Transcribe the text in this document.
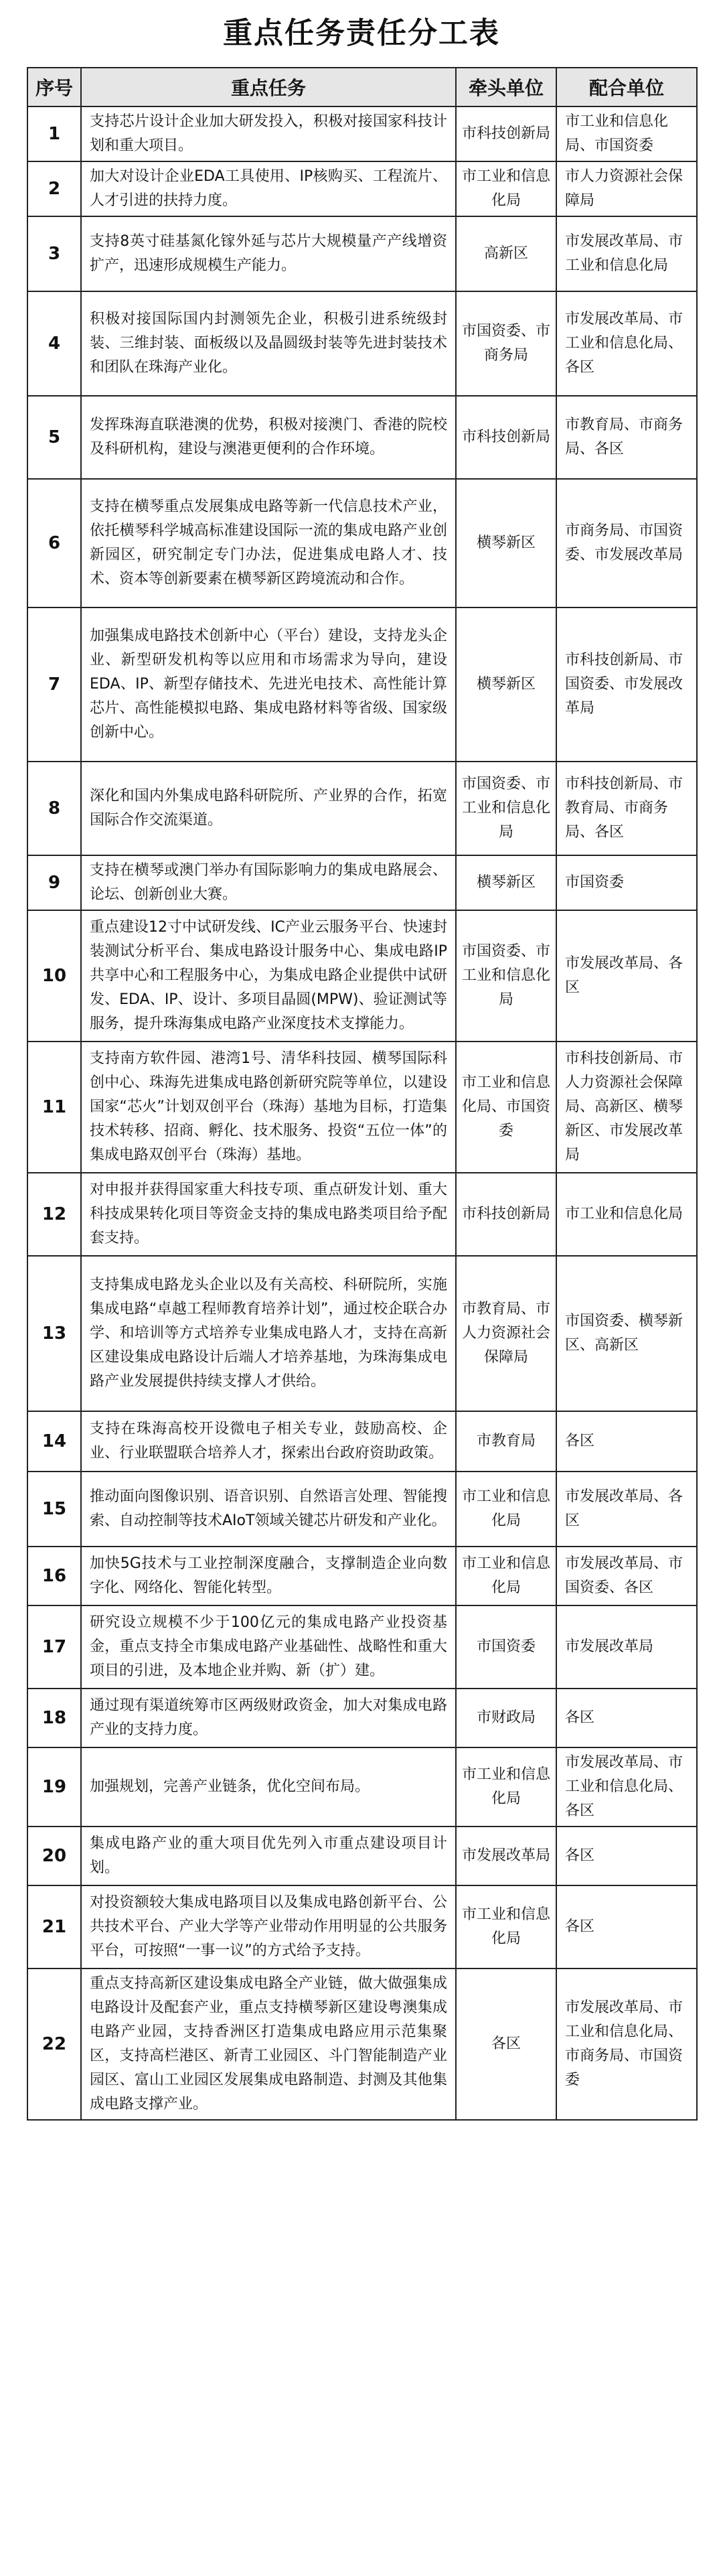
重点任务责任分工表
序号	重点任务	牵头单位	配合单位
1	支持芯片设计企业加大研发投入，积极对接国家科技计划和重大项目。	市科技创新局	市工业和信息化局、市国资委
2	加大对设计企业EDA工具使用、IP核购买、工程流片、人才引进的扶持力度。	市工业和信息化局	市人力资源社会保障局
3	支持8英寸硅基氮化镓外延与芯片大规模量产产线增资扩产，迅速形成规模生产能力。	高新区	市发展改革局、市工业和信息化局
4	积极对接国际国内封测领先企业，积极引进系统级封装、三维封装、面板级以及晶圆级封装等先进封装技术和团队在珠海产业化。	市国资委、市商务局	市发展改革局、市工业和信息化局、各区
5	发挥珠海直联港澳的优势，积极对接澳门、香港的院校及科研机构，建设与澳港更便利的合作环境。	市科技创新局	市教育局、市商务局、各区
6	支持在横琴重点发展集成电路等新一代信息技术产业，依托横琴科学城高标准建设国际一流的集成电路产业创新园区，研究制定专门办法，促进集成电路人才、技术、资本等创新要素在横琴新区跨境流动和合作。	横琴新区	市商务局、市国资委、市发展改革局
7	加强集成电路技术创新中心（平台）建设，支持龙头企业、新型研发机构等以应用和市场需求为导向，建设EDA、IP、新型存储技术、先进光电技术、高性能计算芯片、高性能模拟电路、集成电路材料等省级、国家级创新中心。	横琴新区	市科技创新局、市国资委、市发展改革局
8	深化和国内外集成电路科研院所、产业界的合作，拓宽国际合作交流渠道。	市国资委、市工业和信息化局	市科技创新局、市教育局、市商务局、各区
9	支持在横琴或澳门举办有国际影响力的集成电路展会、论坛、创新创业大赛。	横琴新区	市国资委
10	重点建设12寸中试研发线、IC产业云服务平台、快速封装测试分析平台、集成电路设计服务中心、集成电路IP共享中心和工程服务中心，为集成电路企业提供中试研发、EDA、IP、设计、多项目晶圆(MPW)、验证测试等服务，提升珠海集成电路产业深度技术支撑能力。	市国资委、市工业和信息化局	市发展改革局、各区
11	支持南方软件园、港湾1号、清华科技园、横琴国际科创中心、珠海先进集成电路创新研究院等单位，以建设国家“芯火”计划双创平台（珠海）基地为目标，打造集技术转移、招商、孵化、技术服务、投资“五位一体”的集成电路双创平台（珠海）基地。	市工业和信息化局、市国资委	市科技创新局、市人力资源社会保障局、高新区、横琴新区、市发展改革局
12	对申报并获得国家重大科技专项、重点研发计划、重大科技成果转化项目等资金支持的集成电路类项目给予配套支持。	市科技创新局	市工业和信息化局
13	支持集成电路龙头企业以及有关高校、科研院所，实施集成电路“卓越工程师教育培养计划”，通过校企联合办学、和培训等方式培养专业集成电路人才，支持在高新区建设集成电路设计后端人才培养基地，为珠海集成电路产业发展提供持续支撑人才供给。	市教育局、市人力资源社会保障局	市国资委、横琴新区、高新区
14	支持在珠海高校开设微电子相关专业，鼓励高校、企业、行业联盟联合培养人才，探索出台政府资助政策。	市教育局	各区
15	推动面向图像识别、语音识别、自然语言处理、智能搜索、自动控制等技术AIoT领域关键芯片研发和产业化。	市工业和信息化局	市发展改革局、各区
16	加快5G技术与工业控制深度融合，支撑制造企业向数字化、网络化、智能化转型。	市工业和信息化局	市发展改革局、市国资委、各区
17	研究设立规模不少于100亿元的集成电路产业投资基金，重点支持全市集成电路产业基础性、战略性和重大项目的引进，及本地企业并购、新（扩）建。	市国资委	市发展改革局
18	通过现有渠道统筹市区两级财政资金，加大对集成电路产业的支持力度。	市财政局	各区
19	加强规划，完善产业链条，优化空间布局。	市工业和信息化局	市发展改革局、市工业和信息化局、各区
20	集成电路产业的重大项目优先列入市重点建设项目计划。	市发展改革局	各区
21	对投资额较大集成电路项目以及集成电路创新平台、公共技术平台、产业大学等产业带动作用明显的公共服务平台，可按照“一事一议”的方式给予支持。	市工业和信息化局	各区
22	重点支持高新区建设集成电路全产业链，做大做强集成电路设计及配套产业，重点支持横琴新区建设粤澳集成电路产业园，支持香洲区打造集成电路应用示范集聚区，支持高栏港区、新青工业园区、斗门智能制造产业园区、富山工业园区发展集成电路制造、封测及其他集成电路支撑产业。	各区	市发展改革局、市工业和信息化局、市商务局、市国资委
